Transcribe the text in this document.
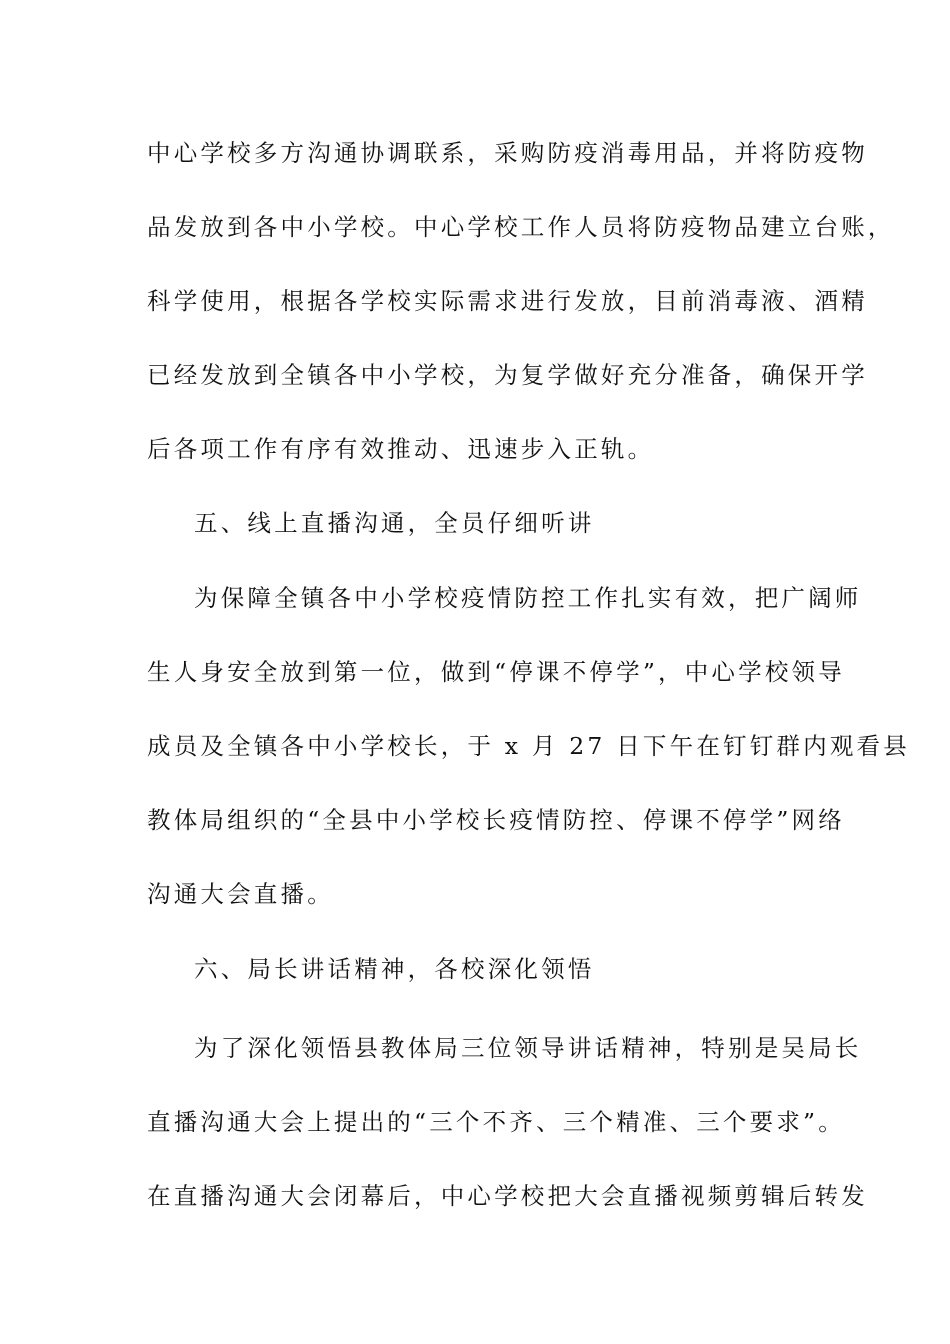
中心学校多方沟通协调联系，采购防疫消毒用品，并将防疫物
品发放到各中小学校。中心学校工作人员将防疫物品建立台账，
科学使用，根据各学校实际需求进行发放，目前消毒液、酒精
已经发放到全镇各中小学校，为复学做好充分准备，确保开学
后各项工作有序有效推动、迅速步入正轨。
五、线上直播沟通，全员仔细听讲
为保障全镇各中小学校疫情防控工作扎实有效，把广阔师
生人身安全放到第一位，做到“停课不停学”，中心学校领导
成员及全镇各中小学校长，于 x 月 27 日下午在钉钉群内观看县
教体局组织的“全县中小学校长疫情防控、停课不停学”网络
沟通大会直播。
六、局长讲话精神，各校深化领悟
为了深化领悟县教体局三位领导讲话精神，特别是吴局长
直播沟通大会上提出的“三个不齐、三个精准、三个要求”。
在直播沟通大会闭幕后，中心学校把大会直播视频剪辑后转发
